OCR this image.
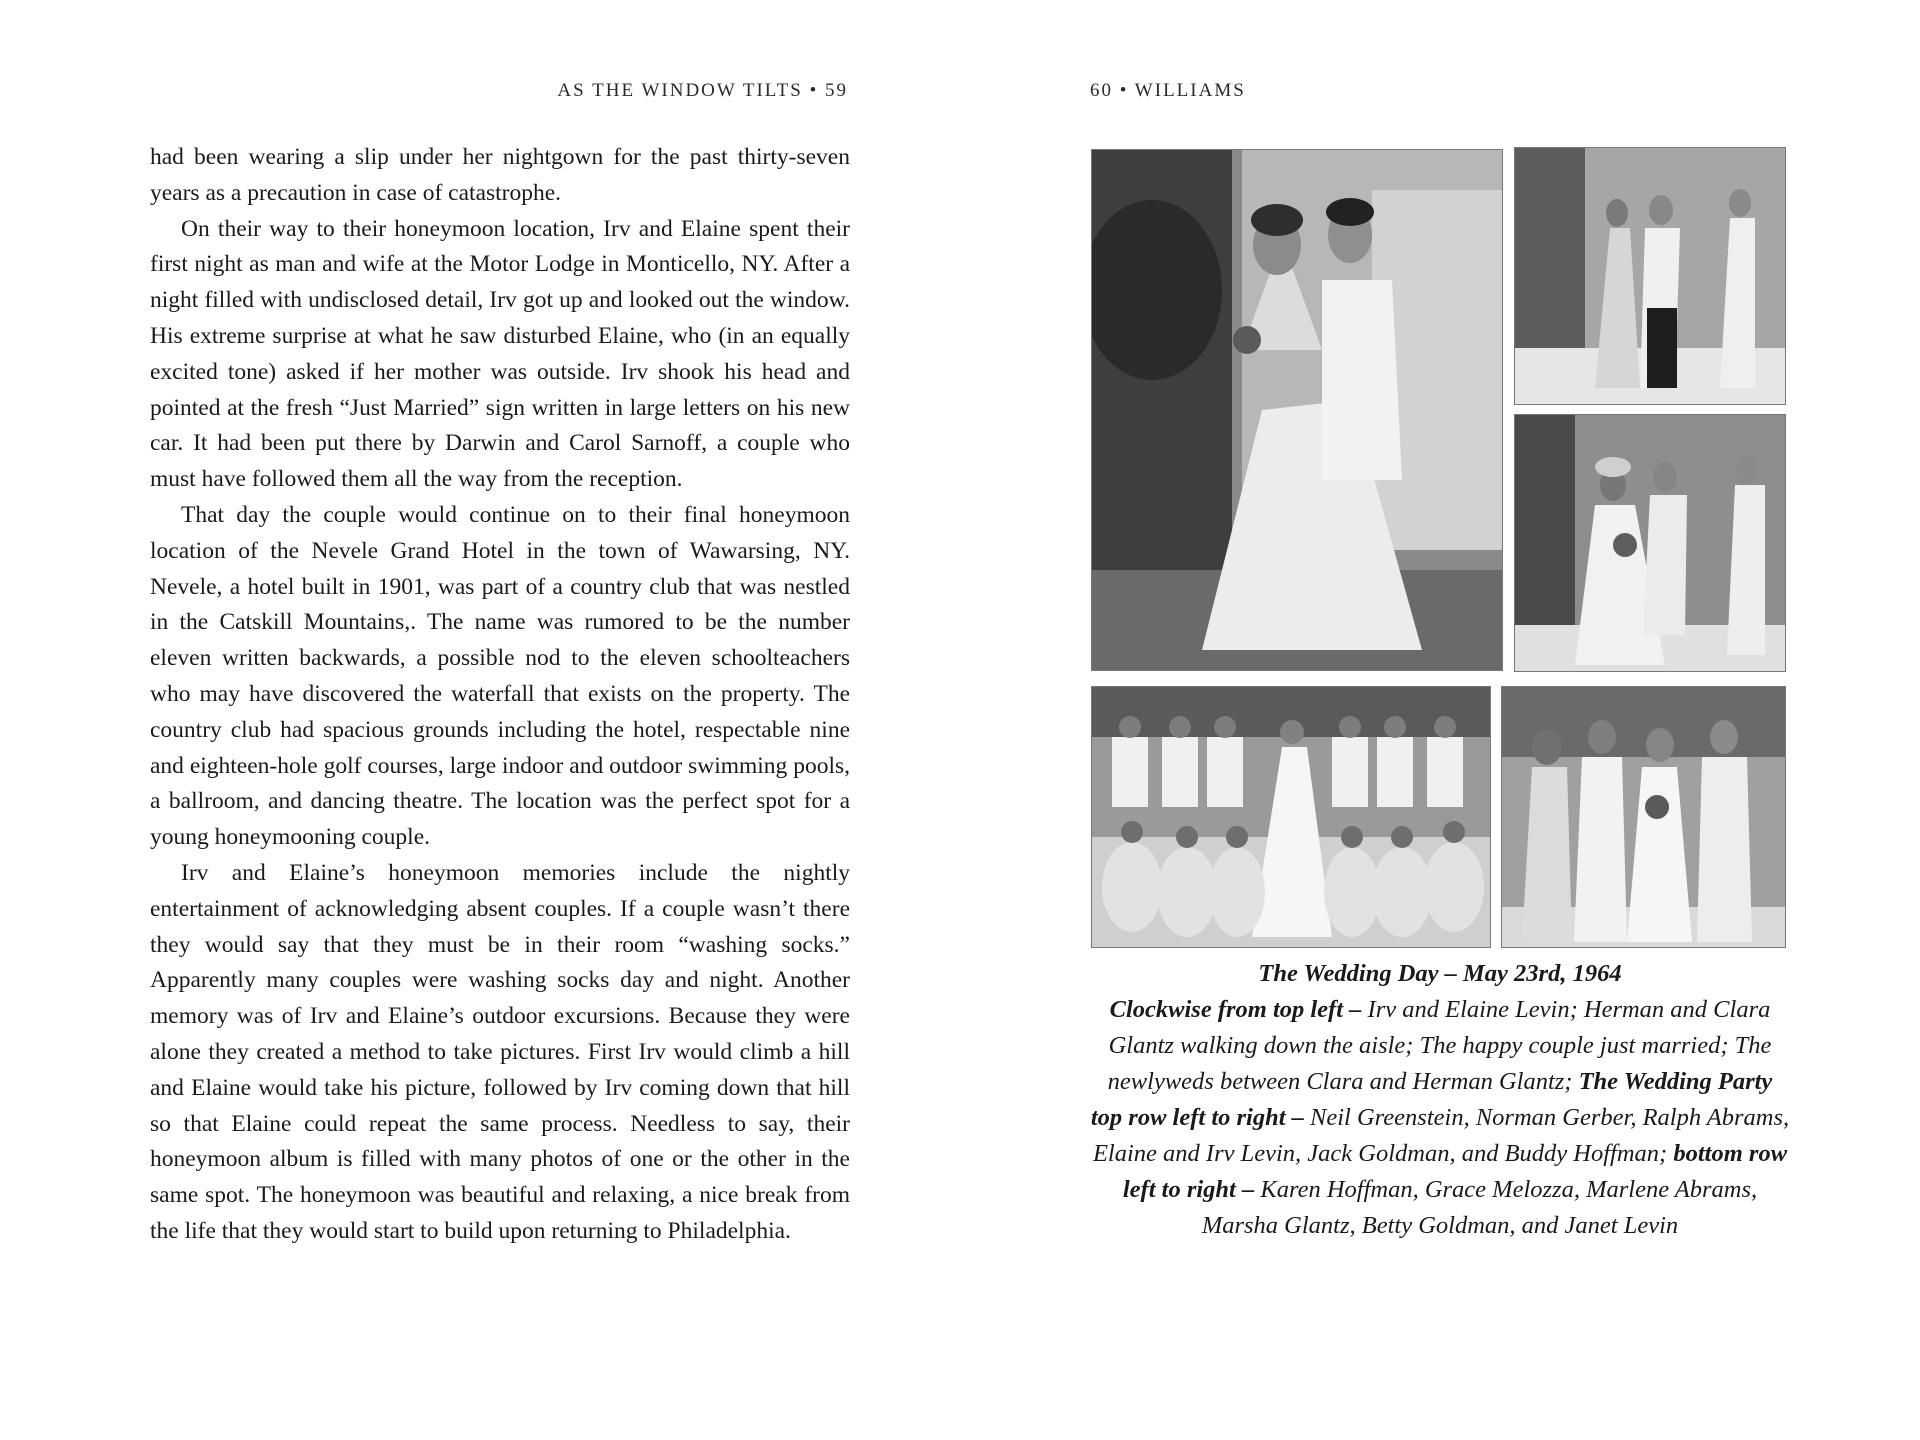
AS THE WINDOW TILTS • 59

had been wearing a slip under her nightgown for the past thirty-seven years as a precaution in case of catastrophe.

On their way to their honeymoon location, Irv and Elaine spent their first night as man and wife at the Motor Lodge in Monticello, NY. After a night filled with undisclosed detail, Irv got up and looked out the window. His extreme surprise at what he saw disturbed Elaine, who (in an equally excited tone) asked if her mother was outside. Irv shook his head and pointed at the fresh “Just Married” sign written in large letters on his new car. It had been put there by Darwin and Carol Sarnoff, a couple who must have followed them all the way from the reception.

That day the couple would continue on to their final honeymoon location of the Nevele Grand Hotel in the town of Wawarsing, NY. Nevele, a hotel built in 1901, was part of a country club that was nestled in the Catskill Mountains,. The name was rumored to be the number eleven written backwards, a possible nod to the eleven schoolteachers who may have discovered the waterfall that exists on the property. The country club had spacious grounds including the hotel, respectable nine and eighteen-hole golf courses, large indoor and outdoor swimming pools, a ballroom, and dancing theatre. The location was the perfect spot for a young honeymooning couple.

Irv and Elaine’s honeymoon memories include the nightly entertainment of acknowledging absent couples. If a couple wasn’t there they would say that they must be in their room “washing socks.” Apparently many couples were washing socks day and night. Another memory was of Irv and Elaine’s outdoor excursions. Because they were alone they created a method to take pictures. First Irv would climb a hill and Elaine would take his picture, followed by Irv coming down that hill so that Elaine could repeat the same process. Needless to say, their honeymoon album is filled with many photos of one or the other in the same spot. The honeymoon was beautiful and relaxing, a nice break from the life that they would start to build upon returning to Philadelphia.

60 • WILLIAMS
The Wedding Day – May 23rd, 1964
Clockwise from top left – Irv and Elaine Levin; Herman and Clara Glantz walking down the aisle; The happy couple just married; The newlyweds between Clara and Herman Glantz; The Wedding Party top row left to right – Neil Greenstein, Norman Gerber, Ralph Abrams, Elaine and Irv Levin, Jack Goldman, and Buddy Hoffman; bottom row left to right – Karen Hoffman, Grace Melozza, Marlene Abrams, Marsha Glantz, Betty Goldman, and Janet Levin
